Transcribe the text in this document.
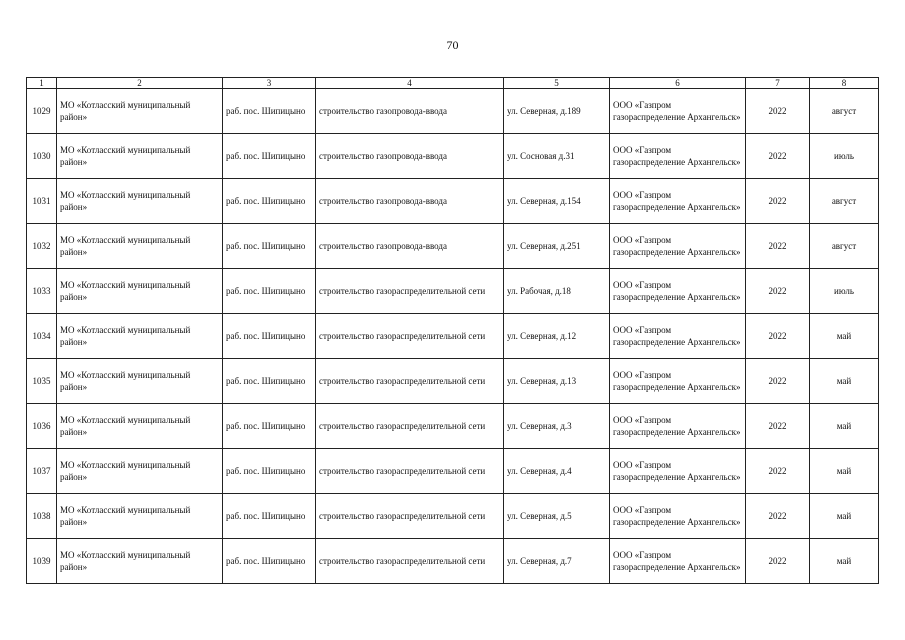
70
1	2	3	4	5	6	7	8
1029	МО «Котласский муниципальный район»	раб. пос. Шипицыно	строительство газопровода-ввода	ул. Северная, д.189	ООО «Газпром газораспределение Архангельск»	2022	август
1030	МО «Котласский муниципальный район»	раб. пос. Шипицыно	строительство газопровода-ввода	ул. Сосновая д.31	ООО «Газпром газораспределение Архангельск»	2022	июль
1031	МО «Котласский муниципальный район»	раб. пос. Шипицыно	строительство газопровода-ввода	ул. Северная, д.154	ООО «Газпром газораспределение Архангельск»	2022	август
1032	МО «Котласский муниципальный район»	раб. пос. Шипицыно	строительство газопровода-ввода	ул. Северная, д.251	ООО «Газпром газораспределение Архангельск»	2022	август
1033	МО «Котласский муниципальный район»	раб. пос. Шипицыно	строительство газораспределительной сети	ул. Рабочая, д.18	ООО «Газпром газораспределение Архангельск»	2022	июль
1034	МО «Котласский муниципальный район»	раб. пос. Шипицыно	строительство газораспределительной сети	ул. Северная, д.12	ООО «Газпром газораспределение Архангельск»	2022	май
1035	МО «Котласский муниципальный район»	раб. пос. Шипицыно	строительство газораспределительной сети	ул. Северная, д.13	ООО «Газпром газораспределение Архангельск»	2022	май
1036	МО «Котласский муниципальный район»	раб. пос. Шипицыно	строительство газораспределительной сети	ул. Северная, д.3	ООО «Газпром газораспределение Архангельск»	2022	май
1037	МО «Котласский муниципальный район»	раб. пос. Шипицыно	строительство газораспределительной сети	ул. Северная, д.4	ООО «Газпром газораспределение Архангельск»	2022	май
1038	МО «Котласский муниципальный район»	раб. пос. Шипицыно	строительство газораспределительной сети	ул. Северная, д.5	ООО «Газпром газораспределение Архангельск»	2022	май
1039	МО «Котласский муниципальный район»	раб. пос. Шипицыно	строительство газораспределительной сети	ул. Северная, д.7	ООО «Газпром газораспределение Архангельск»	2022	май
